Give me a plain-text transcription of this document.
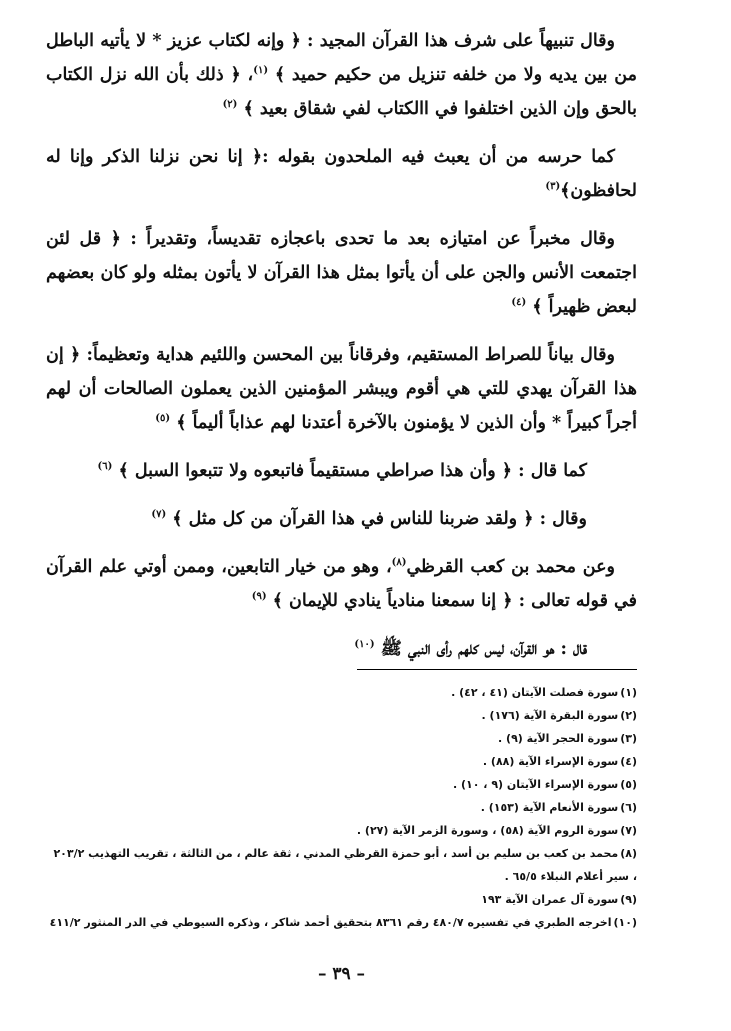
وقال تنبيهاً على شرف هذا القرآن المجيد : ﴿ وإنه لكتاب عزيز * لا يأتيه الباطل من بين يديه ولا من خلفه تنزيل من حكيم حميد ﴾ $^{(١)}$، ﴿ ذلك بأن الله نزل الكتاب بالحق وإن الذين اختلفوا في االكتاب لفي شقاق بعيد ﴾ $^{(٢)}$

كما حرسه من أن يعبث فيه الملحدون بقوله :﴿ إنا نحن نزلنا الذكر وإنا له لحافظون﴾$^{(٣)}$

وقال مخبراً عن امتيازه بعد ما تحدى باعجازه تقديساً، وتقديراً : ﴿ قل لئن اجتمعت الأنس والجن على أن يأتوا بمثل هذا القرآن لا يأتون بمثله ولو كان بعضهم لبعض ظهيراً ﴾ $^{(٤)}$

وقال بياناً للصراط المستقيم، وفرقاناً بين المحسن واللئيم هداية وتعظيماً: ﴿ إن هذا القرآن يهدي للتي هي أقوم ويبشر المؤمنين الذين يعملون الصالحات أن لهم أجراً كبيراً * وأن الذين لا يؤمنون بالآخرة أعتدنا لهم عذاباً أليماً ﴾ $^{(٥)}$

كما قال : ﴿ وأن هذا صراطي مستقيماً فاتبعوه ولا تتبعوا السبل ﴾ $^{(٦)}$

وقال : ﴿ ولقد ضربنا للناس في هذا القرآن من كل مثل ﴾ $^{(٧)}$

وعن محمد بن كعب القرظي$^{(٨)}$، وهو من خيار التابعين، وممن أوتي علم القرآن في قوله تعالى : ﴿ إنا سمعنا منادياً ينادي للإيمان ﴾ $^{(٩)}$

قال : هو القرآن، ليس كلهم رأى النبي ﷺ $^{(١٠)}$

(١)سورة فصلت الآيتان (٤١ ، ٤٢) .

(٢)سورة البقرة الآية (١٧٦) .

(٣)سورة الحجر الآية (٩) .

(٤)سورة الإسراء الآية (٨٨) .

(٥)سورة الإسراء الآيتان (٩ ، ١٠) .

(٦)سورة الأنعام الآية (١٥٣) .

(٧)سورة الروم الآية (٥٨) ، وسورة الزمر الآية (٢٧) .

(٨)محمد بن كعب بن سليم بن أسد ، أبو حمزة القرظي المدني ، ثقة عالم ، من الثالثة ، تقريب التهذيب ٢٠٣/٢ ، سير أعلام النبلاء ٦٥/٥ .

(٩)سورة آل عمران الآية ١٩٣

(١٠)اخرجه الطبري في تفسيره ٤٨٠/٧ رقم ٨٣٦١ بتحقيق أحمد شاكر ، وذكره السيوطي في الدر المنثور ٤١١/٢

– ٣٩ –
